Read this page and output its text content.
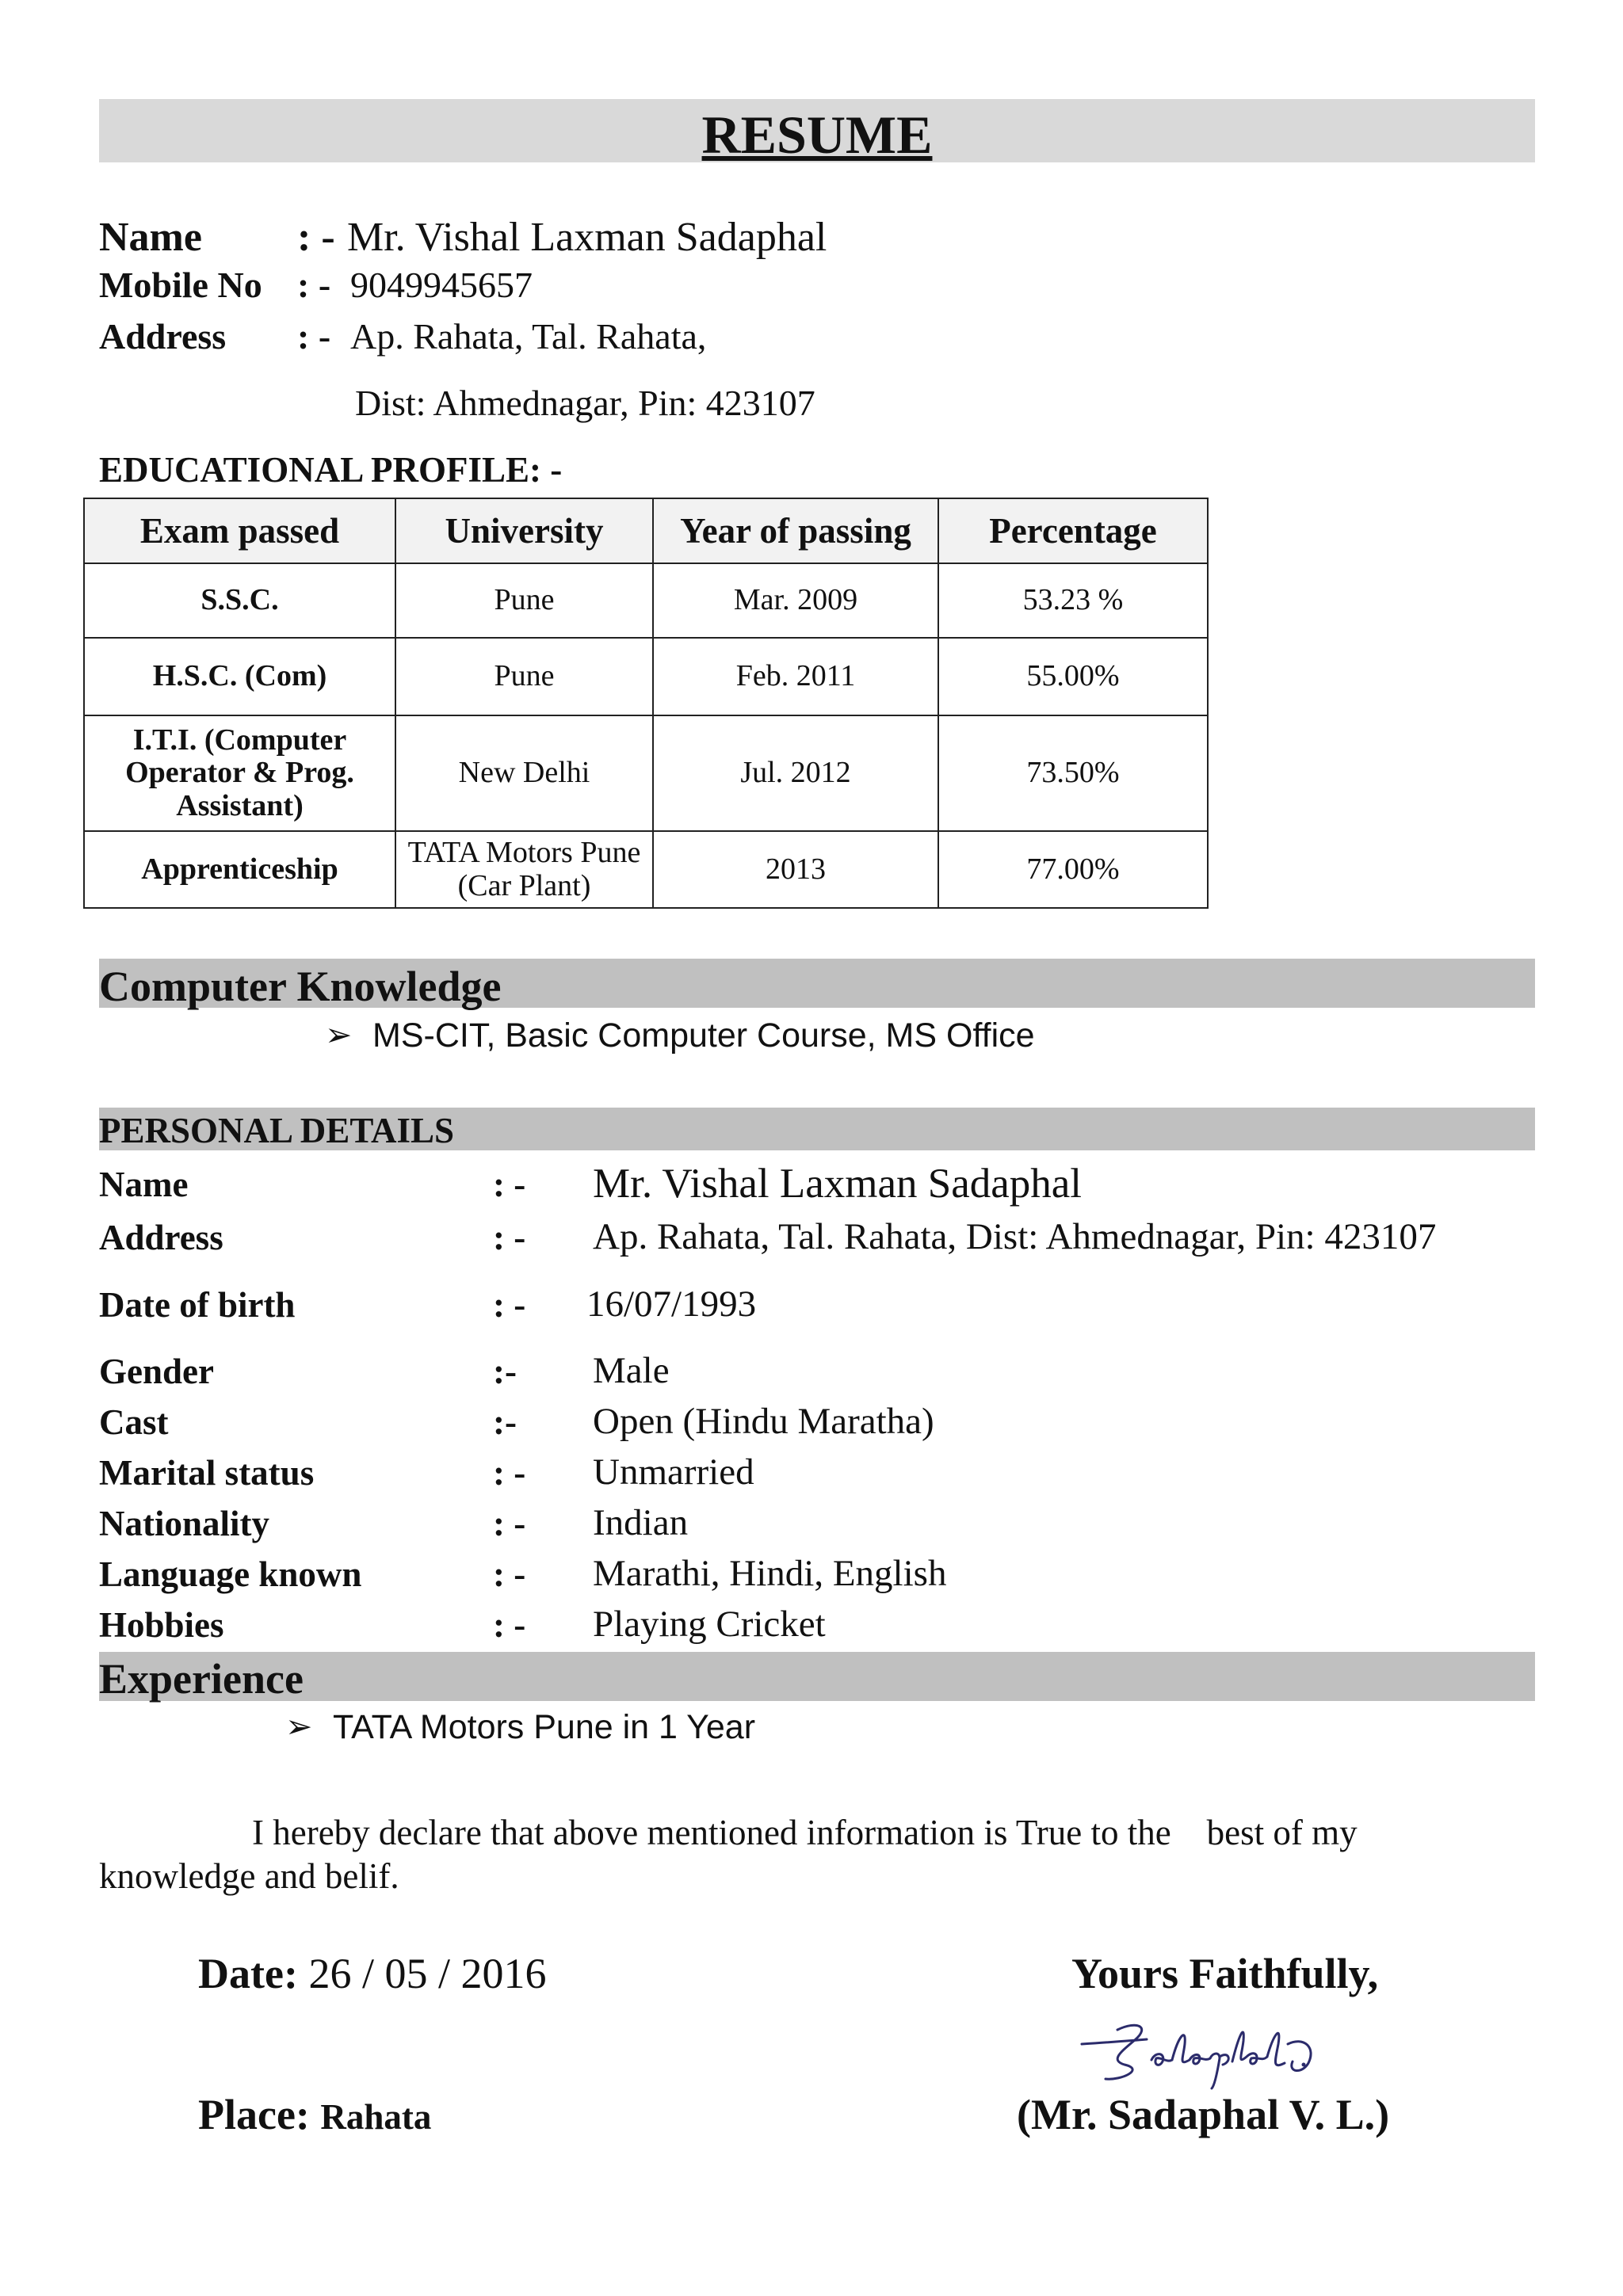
RESUME
Name : - Mr. Vishal Laxman Sadaphal
Mobile No : - 9049945657
Address : - Ap. Rahata, Tal. Rahata,
Dist: Ahmednagar, Pin: 423107
EDUCATIONAL PROFILE: -
Exam passed	University	Year of passing	Percentage
S.S.C.	Pune	Mar. 2009	53.23 %
H.S.C. (Com)	Pune	Feb. 2011	55.00%
I.T.I. (Computer Operator & Prog. Assistant)	New Delhi	Jul. 2012	73.50%
Apprenticeship	TATA Motors Pune (Car Plant)	2013	77.00%
Computer Knowledge
➢ MS-CIT, Basic Computer Course, MS Office
PERSONAL DETAILS
Name	: - Mr. Vishal Laxman Sadaphal
Address	: - Ap. Rahata, Tal. Rahata, Dist: Ahmednagar, Pin: 423107
Date of birth	: - 16/07/1993
Gender	:- Male
Cast	:- Open (Hindu Maratha)
Marital status	: - Unmarried
Nationality	: - Indian
Language known	: - Marathi, Hindi, English
Hobbies	: - Playing Cricket
Experience
➢ TATA Motors Pune in 1 Year
I hereby declare that above mentioned information is True to the    best of my
knowledge and belif.
Date: 26 / 05 / 2016	Yours Faithfully,
Place: Rahata	(Mr. Sadaphal V. L.)
